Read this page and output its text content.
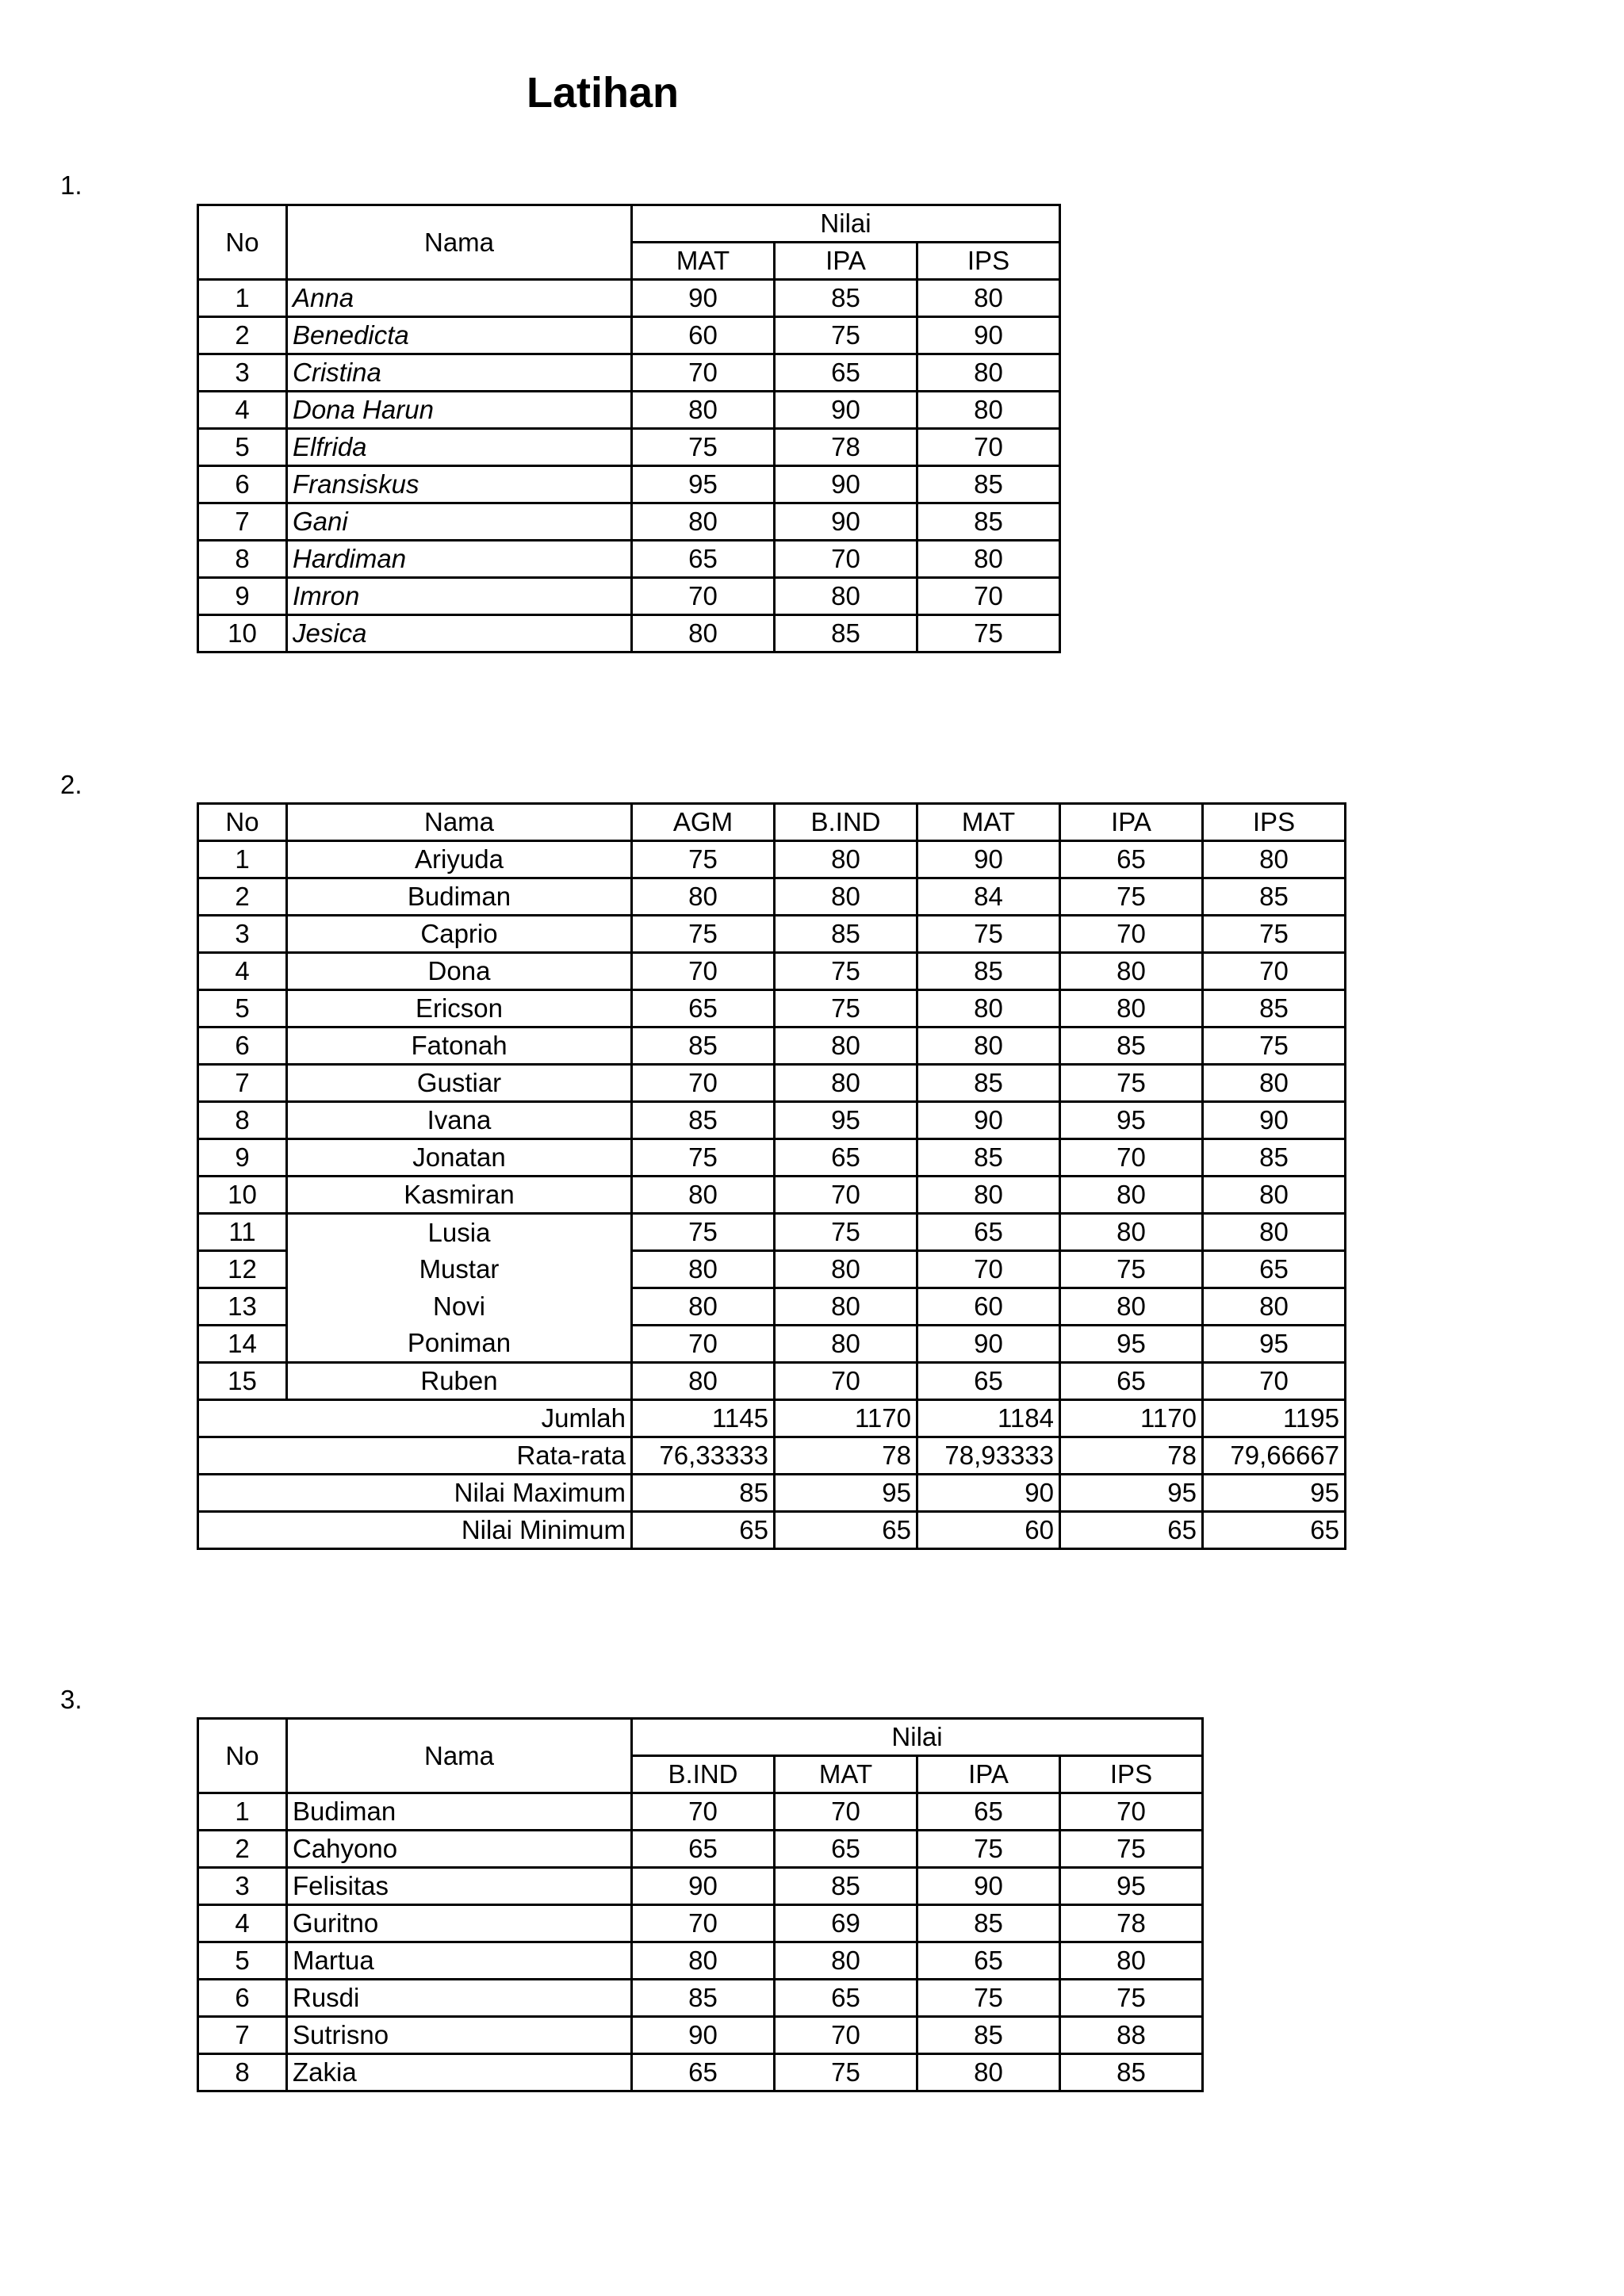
Latihan
1.
2.
3.
No	Nama	Nilai		
		MAT	IPA	IPS
1	Anna	90	85	80
2	Benedicta	60	75	90
3	Cristina	70	65	80
4	Dona Harun	80	90	80
5	Elfrida	75	78	70
6	Fransiskus	95	90	85
7	Gani	80	90	85
8	Hardiman	65	70	80
9	Imron	70	80	70
10	Jesica	80	85	75
No	Nama	AGM	B.IND	MAT	IPA	IPS
1	Ariyuda	75	80	90	65	80
2	Budiman	80	80	84	75	85
3	Caprio	75	85	75	70	75
4	Dona	70	75	85	80	70
5	Ericson	65	75	80	80	85
6	Fatonah	85	80	80	85	75
7	Gustiar	70	80	85	75	80
8	Ivana	85	95	90	95	90
9	Jonatan	75	65	85	70	85
10	Kasmiran	80	70	80	80	80
11	Lusia	75	75	65	80	80
12	Mustar	80	80	70	75	65
13	Novi	80	80	60	80	80
14	Poniman	70	80	90	95	95
15	Ruben	80	70	65	65	70
Jumlah		1145	1170	1184	1170	1195
Rata-rata		76,33333	78	78,93333	78	79,66667
Nilai Maximum		85	95	90	95	95
Nilai Minimum		65	65	60	65	65
No	Nama	Nilai			
		B.IND	MAT	IPA	IPS
1	Budiman	70	70	65	70
2	Cahyono	65	65	75	75
3	Felisitas	90	85	90	95
4	Guritno	70	69	85	78
5	Martua	80	80	65	80
6	Rusdi	85	65	75	75
7	Sutrisno	90	70	85	88
8	Zakia	65	75	80	85
